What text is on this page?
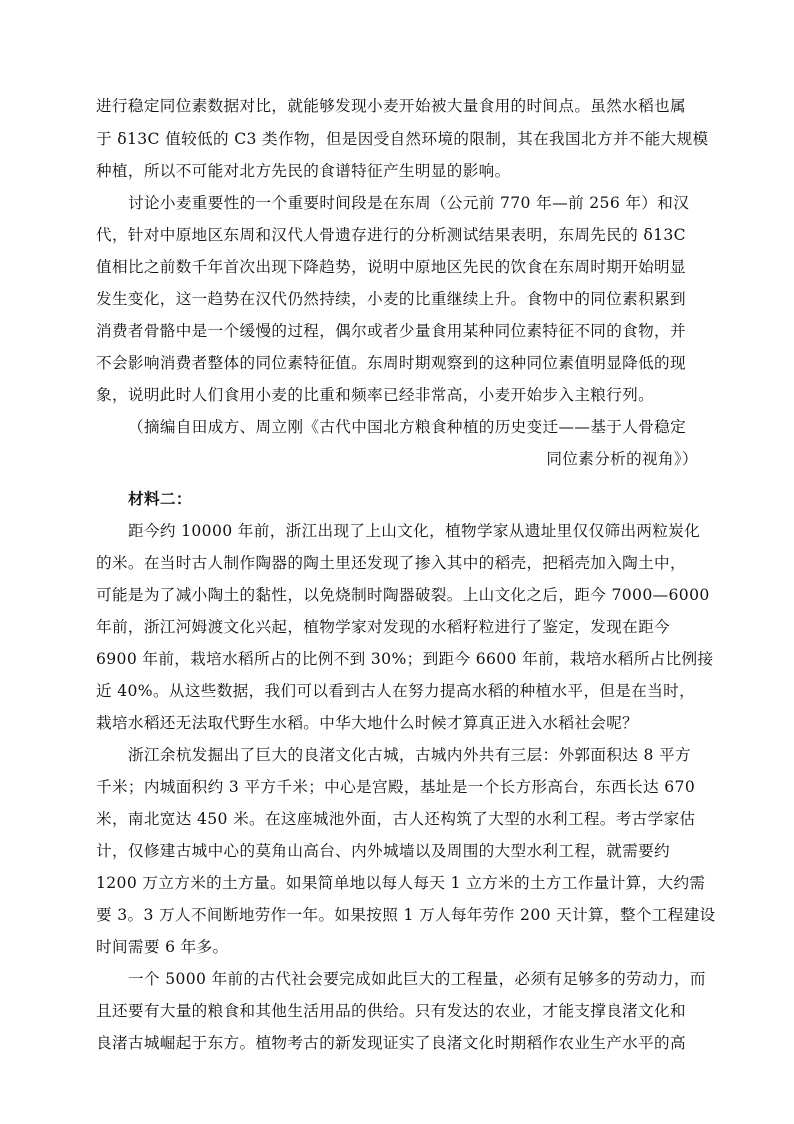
进行稳定同位素数据对比，就能够发现小麦开始被大量食用的时间点。虽然水稻也属
于 δ13C 值较低的 C3 类作物，但是因受自然环境的限制，其在我国北方并不能大规模
种植，所以不可能对北方先民的食谱特征产生明显的影响。
讨论小麦重要性的一个重要时间段是在东周（公元前 770 年—前 256 年）和汉
代，针对中原地区东周和汉代人骨遗存进行的分析测试结果表明，东周先民的 δ13C
值相比之前数千年首次出现下降趋势，说明中原地区先民的饮食在东周时期开始明显
发生变化，这一趋势在汉代仍然持续，小麦的比重继续上升。食物中的同位素积累到
消费者骨骼中是一个缓慢的过程，偶尔或者少量食用某种同位素特征不同的食物，并
不会影响消费者整体的同位素特征值。东周时期观察到的这种同位素值明显降低的现
象，说明此时人们食用小麦的比重和频率已经非常高，小麦开始步入主粮行列。
（摘编自田成方、周立刚《古代中国北方粮食种植的历史变迁——基于人骨稳定
同位素分析的视角》）
材料二：
距今约 10000 年前，浙江出现了上山文化，植物学家从遗址里仅仅筛出两粒炭化
的米。在当时古人制作陶器的陶土里还发现了掺入其中的稻壳，把稻壳加入陶土中，
可能是为了减小陶土的黏性，以免烧制时陶器破裂。上山文化之后，距今 7000—6000
年前，浙江河姆渡文化兴起，植物学家对发现的水稻籽粒进行了鉴定，发现在距今
6900 年前，栽培水稻所占的比例不到 30%；到距今 6600 年前，栽培水稻所占比例接
近 40%。从这些数据，我们可以看到古人在努力提高水稻的种植水平，但是在当时，
栽培水稻还无法取代野生水稻。中华大地什么时候才算真正进入水稻社会呢？
浙江余杭发掘出了巨大的良渚文化古城，古城内外共有三层：外郭面积达 8 平方
千米；内城面积约 3 平方千米；中心是宫殿，基址是一个长方形高台，东西长达 670
米，南北宽达 450 米。在这座城池外面，古人还构筑了大型的水利工程。考古学家估
计，仅修建古城中心的莫角山高台、内外城墙以及周围的大型水利工程，就需要约
1200 万立方米的土方量。如果简单地以每人每天 1 立方米的土方工作量计算，大约需
要 3。3 万人不间断地劳作一年。如果按照 1 万人每年劳作 200 天计算，整个工程建设
时间需要 6 年多。
一个 5000 年前的古代社会要完成如此巨大的工程量，必须有足够多的劳动力，而
且还要有大量的粮食和其他生活用品的供给。只有发达的农业，才能支撑良渚文化和
良渚古城崛起于东方。植物考古的新发现证实了良渚文化时期稻作农业生产水平的高
